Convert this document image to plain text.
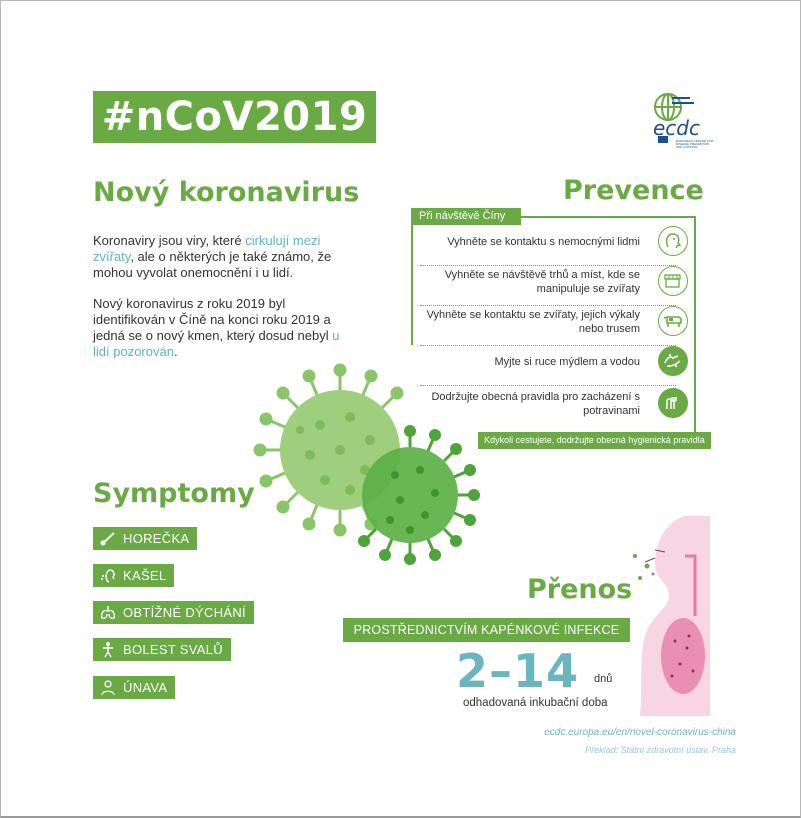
#nCoV2019	ecdc
EUROPEAN CENTRE FOR DISEASE PREVENTION AND CONTROL
Nový koronavirus
Koronaviry jsou viry, které cirkulují mezi zvířaty, ale o některých je také známo, že mohou vyvolat onemocnění i u lidí.
Nový koronavirus z roku 2019 byl identifikován v Číně na konci roku 2019 a jedná se o nový kmen, který dosud nebyl u lidí pozorován.
Prevence
Při návštěvě Číny
Vyhněte se kontaktu s nemocnými lidmi
Vyhněte se návštěvě trhů a míst, kde se manipuluje se zvířaty
Vyhněte se kontaktu se zvířaty, jejich výkaly nebo trusem
Myjte si ruce mýdlem a vodou
Dodržujte obecná pravidla pro zacházení s potravinami
Kdykoli cestujete, dodržujte obecná hygienická pravidla
Symptomy
HOREČKA
KAŠEL
OBTÍŽNÉ DÝCHÁNÍ
BOLEST SVALŮ
ÚNAVA
Přenos
PROSTŘEDNICTVÍM KAPÉNKOVÉ INFEKCE
2–14 dnů
odhadovaná inkubační doba
ecdc.europa.eu/en/novel-coronavirus-china
Překlad: Státní zdravotní ústav, Praha
